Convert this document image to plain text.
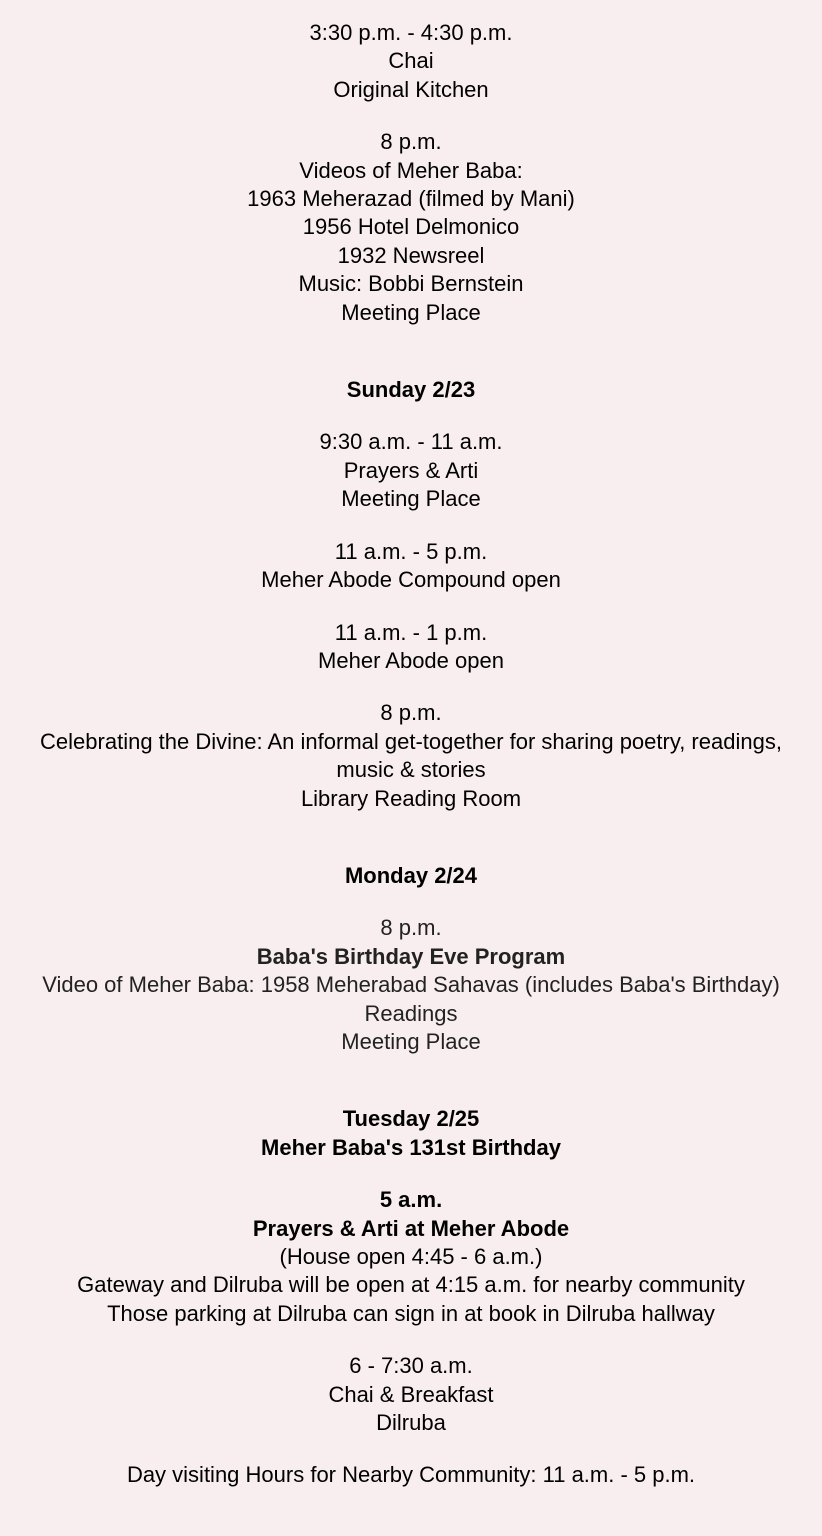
3:30 p.m. - 4:30 p.m.
Chai
Original Kitchen
8 p.m.
Videos of Meher Baba:
1963 Meherazad (filmed by Mani)
1956 Hotel Delmonico
1932 Newsreel
Music: Bobbi Bernstein
Meeting Place
Sunday 2/23
9:30 a.m. - 11 a.m.
Prayers & Arti
Meeting Place
11 a.m. - 5 p.m.
Meher Abode Compound open
11 a.m. - 1 p.m.
Meher Abode open
8 p.m.
Celebrating the Divine: An informal get-together for sharing poetry, readings, music & stories
Library Reading Room
Monday 2/24
8 p.m.
Baba's Birthday Eve Program
Video of Meher Baba: 1958 Meherabad Sahavas (includes Baba's Birthday)
Readings
Meeting Place
Tuesday 2/25
Meher Baba's 131st Birthday
5 a.m.
Prayers & Arti at Meher Abode
(House open 4:45 - 6 a.m.)
Gateway and Dilruba will be open at 4:15 a.m. for nearby community
Those parking at Dilruba can sign in at book in Dilruba hallway
6 - 7:30 a.m.
Chai & Breakfast
Dilruba
Day visiting Hours for Nearby Community: 11 a.m. - 5 p.m.
